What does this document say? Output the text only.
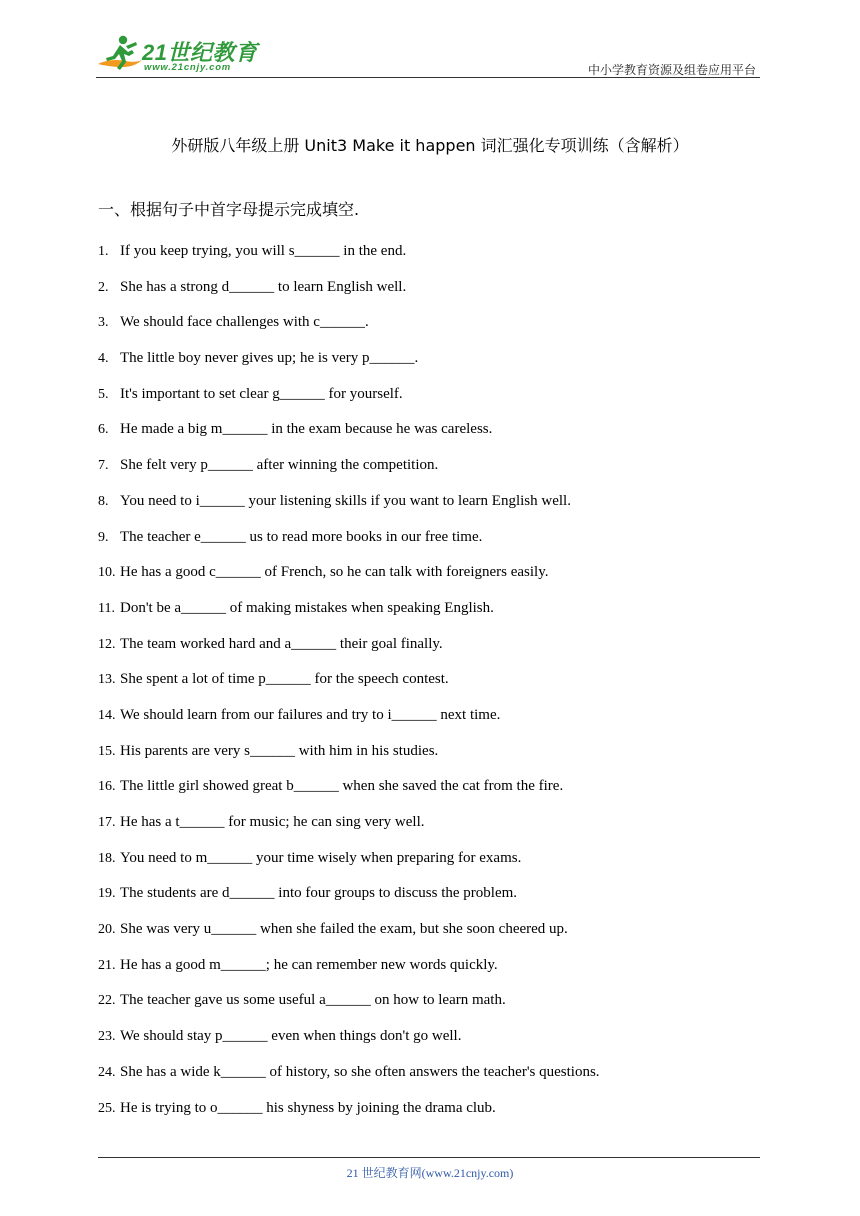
21世纪教育
www.21cnjy.com	中小学教育资源及组卷应用平台
外研版八年级上册 Unit3 Make it happen 词汇强化专项训练（含解析）
一、根据句子中首字母提示完成填空.
1. If you keep trying, you will s______ in the end.
2. She has a strong d______ to learn English well.
3. We should face challenges with c______.
4. The little boy never gives up; he is very p______.
5. It's important to set clear g______ for yourself.
6. He made a big m______ in the exam because he was careless.
7. She felt very p______ after winning the competition.
8. You need to i______ your listening skills if you want to learn English well.
9. The teacher e______ us to read more books in our free time.
10. He has a good c______ of French, so he can talk with foreigners easily.
11. Don't be a______ of making mistakes when speaking English.
12. The team worked hard and a______ their goal finally.
13. She spent a lot of time p______ for the speech contest.
14. We should learn from our failures and try to i______ next time.
15. His parents are very s______ with him in his studies.
16. The little girl showed great b______ when she saved the cat from the fire.
17. He has a t______ for music; he can sing very well.
18. You need to m______ your time wisely when preparing for exams.
19. The students are d______ into four groups to discuss the problem.
20. She was very u______ when she failed the exam, but she soon cheered up.
21. He has a good m______; he can remember new words quickly.
22. The teacher gave us some useful a______ on how to learn math.
23. We should stay p______ even when things don't go well.
24. She has a wide k______ of history, so she often answers the teacher's questions.
25. He is trying to o______ his shyness by joining the drama club.
21 世纪教育网(www.21cnjy.com)
